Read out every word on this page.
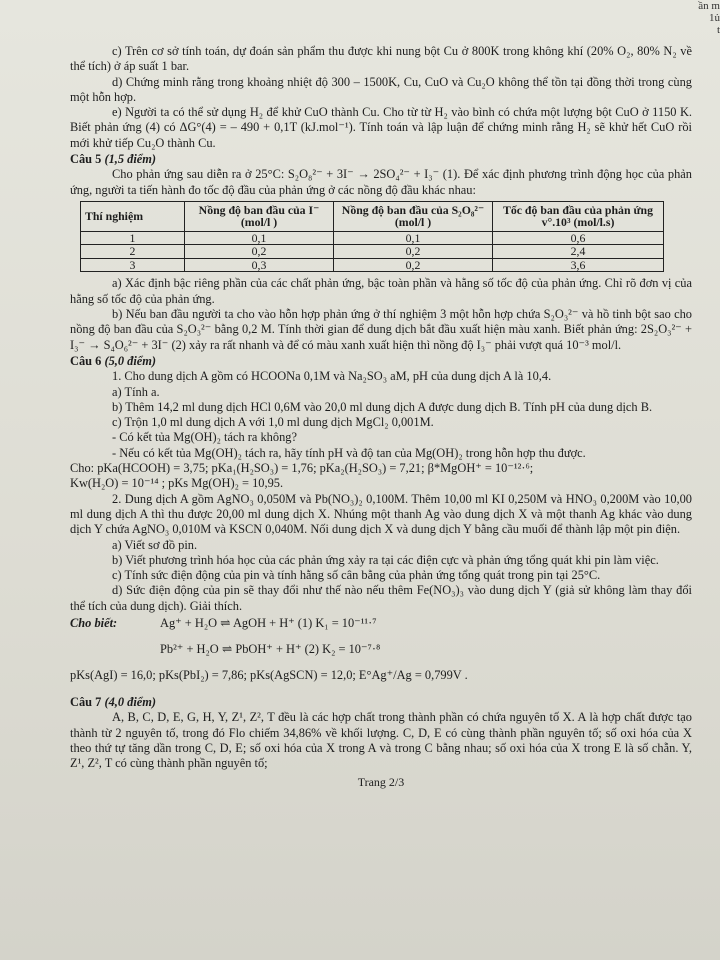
ần m
1ủ
t

c) Trên cơ sở tính toán, dự đoán sản phẩm thu được khi nung bột Cu ở 800K trong không khí (20% O₂, 80% N₂ về thể tích) ở áp suất 1 bar.

d) Chứng minh rằng trong khoảng nhiệt độ 300 – 1500K, Cu, CuO và Cu₂O không thể tồn tại đồng thời trong cùng một hỗn hợp.

e) Người ta có thể sử dụng H₂ để khử CuO thành Cu. Cho từ từ H₂ vào bình có chứa một lượng bột CuO ở 1150 K. Biết phản ứng (4) có ΔG°(4) = – 490 + 0,1T (kJ.mol⁻¹). Tính toán và lập luận để chứng minh rằng H₂ sẽ khử hết CuO rồi mới khử tiếp Cu₂O thành Cu.

Câu 5 (1,5 điểm)

Cho phản ứng sau diễn ra ở 25°C: S₂O₈²⁻ + 3I⁻ → 2SO₄²⁻ + I₃⁻ (1). Để xác định phương trình động học của phản ứng, người ta tiến hành đo tốc độ đầu của phản ứng ở các nồng độ đầu khác nhau:

Thí nghiệm	Nồng độ ban đầu của I⁻ (mol/l )	Nồng độ ban đầu của S₂O₈²⁻ (mol/l )	Tốc độ ban đầu của phản ứng v°.10³ (mol/l.s)
1	0,1	0,1	0,6
2	0,2	0,2	2,4
3	0,3	0,2	3,6

a) Xác định bậc riêng phần của các chất phản ứng, bậc toàn phần và hằng số tốc độ của phản ứng. Chỉ rõ đơn vị của hằng số tốc độ của phản ứng.

b) Nếu ban đầu người ta cho vào hỗn hợp phản ứng ở thí nghiệm 3 một hỗn hợp chứa S₂O₃²⁻ và hồ tinh bột sao cho nồng độ ban đầu của S₂O₃²⁻ bằng 0,2 M. Tính thời gian để dung dịch bắt đầu xuất hiện màu xanh. Biết phản ứng: 2S₂O₃²⁻ + I₃⁻ → S₄O₆²⁻ + 3I⁻ (2) xảy ra rất nhanh và để có màu xanh xuất hiện thì nồng độ I₃⁻ phải vượt quá 10⁻³ mol/l.

Câu 6 (5,0 điểm)

1. Cho dung dịch A gồm có HCOONa 0,1M và Na₂SO₃ aM, pH của dung dịch A là 10,4.

a) Tính a.

b) Thêm 14,2 ml dung dịch HCl 0,6M vào 20,0 ml dung dịch A được dung dịch B. Tính pH của dung dịch B.

c) Trộn 1,0 ml dung dịch A với 1,0 ml dung dịch MgCl₂ 0,001M.

- Có kết tủa Mg(OH)₂ tách ra không?

- Nếu có kết tủa Mg(OH)₂ tách ra, hãy tính pH và độ tan của Mg(OH)₂ trong hỗn hợp thu được.

Cho: pKa(HCOOH) = 3,75; pKa₁(H₂SO₃) = 1,76; pKa₂(H₂SO₃) = 7,21; β*MgOH⁺ = 10⁻¹²·⁶;

Kw(H₂O) = 10⁻¹⁴ ; pKs Mg(OH)₂ = 10,95.

2. Dung dịch A gồm AgNO₃ 0,050M và Pb(NO₃)₂ 0,100M. Thêm 10,00 ml KI 0,250M và HNO₃ 0,200M vào 10,00 ml dung dịch A thì thu được 20,00 ml dung dịch X. Nhúng một thanh Ag vào dung dịch X và một thanh Ag khác vào dung dịch Y chứa AgNO₃ 0,010M và KSCN 0,040M. Nối dung dịch X và dung dịch Y bằng cầu muối để thành lập một pin điện.

a) Viết sơ đồ pin.

b) Viết phương trình hóa học của các phản ứng xảy ra tại các điện cực và phản ứng tổng quát khi pin làm việc.

c) Tính sức điện động của pin và tính hằng số cân bằng của phản ứng tổng quát trong pin tại 25°C.

d) Sức điện động của pin sẽ thay đổi như thế nào nếu thêm Fe(NO₃)₃ vào dung dịch Y (giả sử không làm thay đổi thể tích của dung dịch). Giải thích.

Cho biết:	Ag⁺ + H₂O ⇌ AgOH + H⁺ (1) K₁ = 10⁻¹¹·⁷
Pb²⁺ + H₂O ⇌ PbOH⁺ + H⁺ (2) K₂ = 10⁻⁷·⁸
pKs(AgI) = 16,0; pKs(PbI₂) = 7,86; pKs(AgSCN) = 12,0; E°Ag⁺/Ag = 0,799V .

Câu 7 (4,0 điểm)

A, B, C, D, E, G, H, Y, Z¹, Z², T đều là các hợp chất trong thành phần có chứa nguyên tố X. A là hợp chất được tạo thành từ 2 nguyên tố, trong đó Flo chiếm 34,86% về khối lượng. C, D, E có cùng thành phần nguyên tố; số oxi hóa của X theo thứ tự tăng dần trong C, D, E; số oxi hóa của X trong A và trong C bằng nhau; số oxi hóa của X trong E là số chẵn. Y, Z¹, Z², T có cùng thành phần nguyên tố;

Trang 2/3
